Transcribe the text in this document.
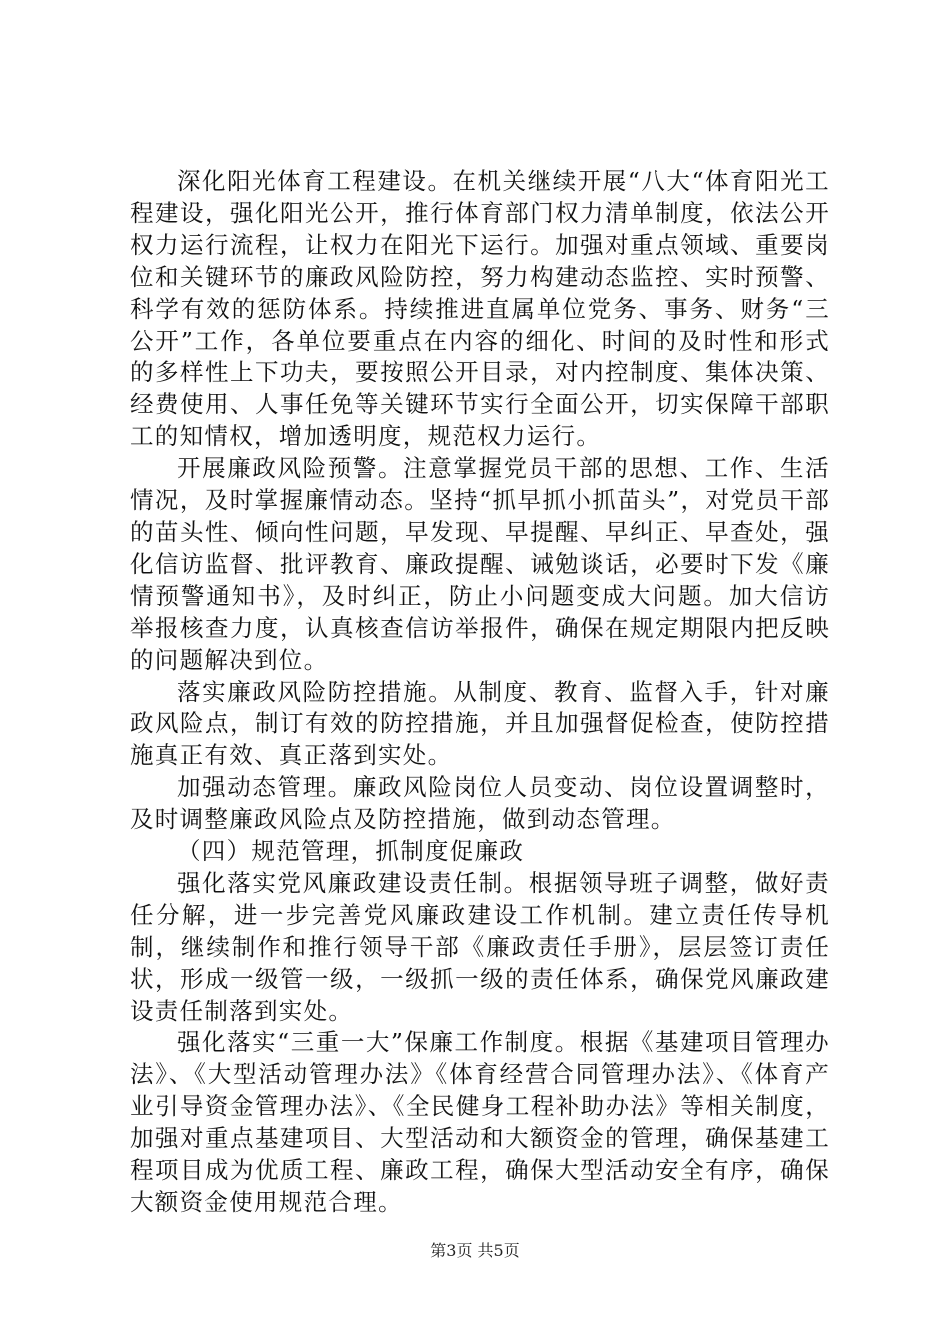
深化阳光体育工程建设。在机关继续开展“八大“体育阳光工程建设，强化阳光公开，推行体育部门权力清单制度，依法公开权力运行流程，让权力在阳光下运行。加强对重点领域、重要岗位和关键环节的廉政风险防控，努力构建动态监控、实时预警、科学有效的惩防体系。持续推进直属单位党务、事务、财务“三公开”工作，各单位要重点在内容的细化、时间的及时性和形式的多样性上下功夫，要按照公开目录，对内控制度、集体决策、经费使用、人事任免等关键环节实行全面公开，切实保障干部职工的知情权，增加透明度，规范权力运行。

开展廉政风险预警。注意掌握党员干部的思想、工作、生活情况，及时掌握廉情动态。坚持“抓早抓小抓苗头”，对党员干部的苗头性、倾向性问题，早发现、早提醒、早纠正、早查处，强化信访监督、批评教育、廉政提醒、诫勉谈话，必要时下发《廉情预警通知书》，及时纠正，防止小问题变成大问题。加大信访举报核查力度，认真核查信访举报件，确保在规定期限内把反映的问题解决到位。

落实廉政风险防控措施。从制度、教育、监督入手，针对廉政风险点，制订有效的防控措施，并且加强督促检查，使防控措施真正有效、真正落到实处。

加强动态管理。廉政风险岗位人员变动、岗位设置调整时，及时调整廉政风险点及防控措施，做到动态管理。

（四）规范管理，抓制度促廉政

强化落实党风廉政建设责任制。根据领导班子调整，做好责任分解，进一步完善党风廉政建设工作机制。建立责任传导机制，继续制作和推行领导干部《廉政责任手册》，层层签订责任状，形成一级管一级，一级抓一级的责任体系，确保党风廉政建设责任制落到实处。

强化落实“三重一大”保廉工作制度。根据《基建项目管理办法》、《大型活动管理办法》《体育经营合同管理办法》、《体育产业引导资金管理办法》、《全民健身工程补助办法》等相关制度，加强对重点基建项目、大型活动和大额资金的管理，确保基建工程项目成为优质工程、廉政工程，确保大型活动安全有序，确保大额资金使用规范合理。

第3页 共5页
